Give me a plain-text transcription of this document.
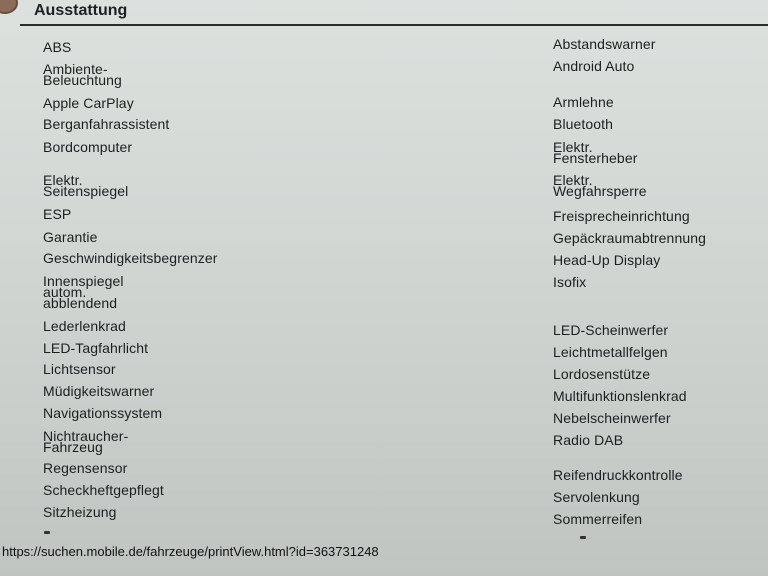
Ausstattung
ABS
Ambiente-
Beleuchtung
Apple CarPlay
Berganfahrassistent
Bordcomputer
Elektr.
Seitenspiegel
ESP
Garantie
Geschwindigkeitsbegrenzer
Innenspiegel
autom.
abblendend
Lederlenkrad
LED-Tagfahrlicht
Lichtsensor
Müdigkeitswarner
Navigationssystem
Nichtraucher-
Fahrzeug
Regensensor
Scheckheftgepflegt
Sitzheizung
Abstandswarner
Android Auto
Armlehne
Bluetooth
Elektr.
Fensterheber
Elektr.
Wegfahrsperre
Freisprecheinrichtung
Gepäckraumabtrennung
Head-Up Display
Isofix
LED-Scheinwerfer
Leichtmetallfelgen
Lordosenstütze
Multifunktionslenkrad
Nebelscheinwerfer
Radio DAB
Reifendruckkontrolle
Servolenkung
Sommerreifen
https://suchen.mobile.de/fahrzeuge/printView.html?id=363731248
